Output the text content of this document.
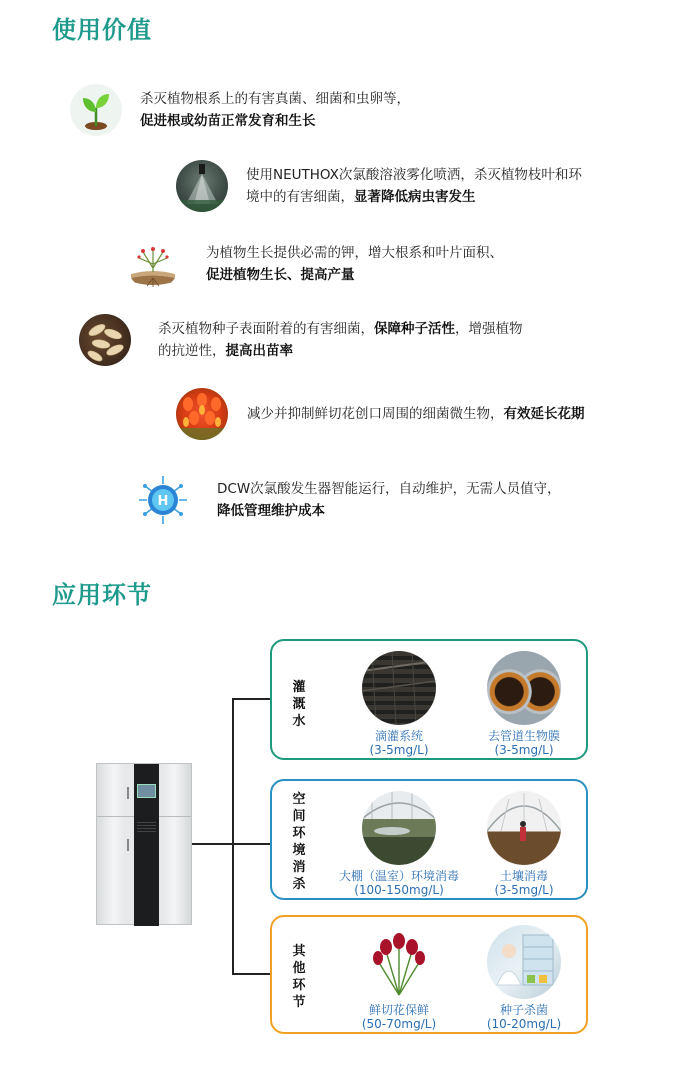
使用价值
杀灭植物根系上的有害真菌、细菌和虫卵等，
促进根或幼苗正常发育和生长
使用NEUTHOX次氯酸溶液雾化喷洒，杀灭植物枝叶和环
境中的有害细菌，显著降低病虫害发生
为植物生长提供必需的钾，增大根系和叶片面积、
促进植物生长、提高产量
杀灭植物种子表面附着的有害细菌，保障种子活性，增强植物
的抗逆性，提高出苗率
减少并抑制鲜切花创口周围的细菌微生物，有效延长花期
H
DCW次氯酸发生器智能运行，自动维护，无需人员值守，
降低管理维护成本
应用环节
灌
溉
水
滴灌系统
(3-5mg/L)
去管道生物膜
(3-5mg/L)
空
间
环
境
消
杀
大棚（温室）环境消毒
(100-150mg/L)
土壤消毒
(3-5mg/L)
其
他
环
节	鲜切花保鲜
(50-70mg/L)
种子杀菌
(10-20mg/L)
